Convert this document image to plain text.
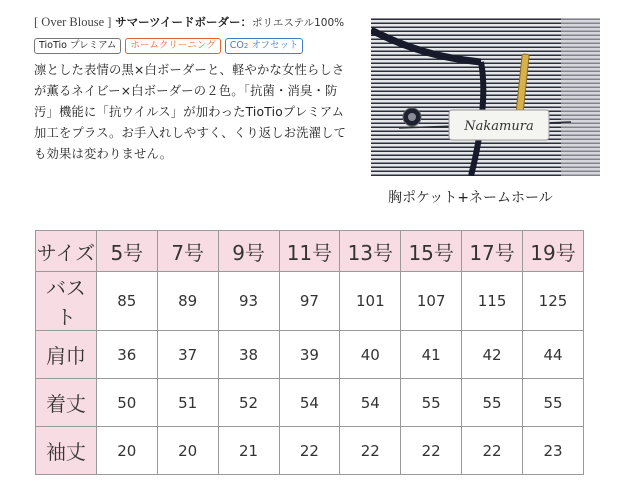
[ Over Blouse ] サマーツイードボーダー：ポリエステル100%
TioTio プレミアム	ホームクリーニング	CO2 オフセット

凛とした表情の黒×白ボーダーと、軽やかな女性らしさ

が薫るネイビー×白ボーダーの２色。「抗菌・消臭・防

汚」機能に「抗ウイルス」が加わったTioTioプレミアム

加工をプラス。お手入れしやすく、くり返しお洗濯して

も効果は変わりません。

Nakamura
胸ポケット+ネームホール
サイズ	5号	7号	9号	11号	13号	15号	17号	19号
バスト	85	89	93	97	101	107	115	125
肩巾	36	37	38	39	40	41	42	44
着丈	50	51	52	54	54	55	55	55
袖丈	20	20	21	22	22	22	22	23
